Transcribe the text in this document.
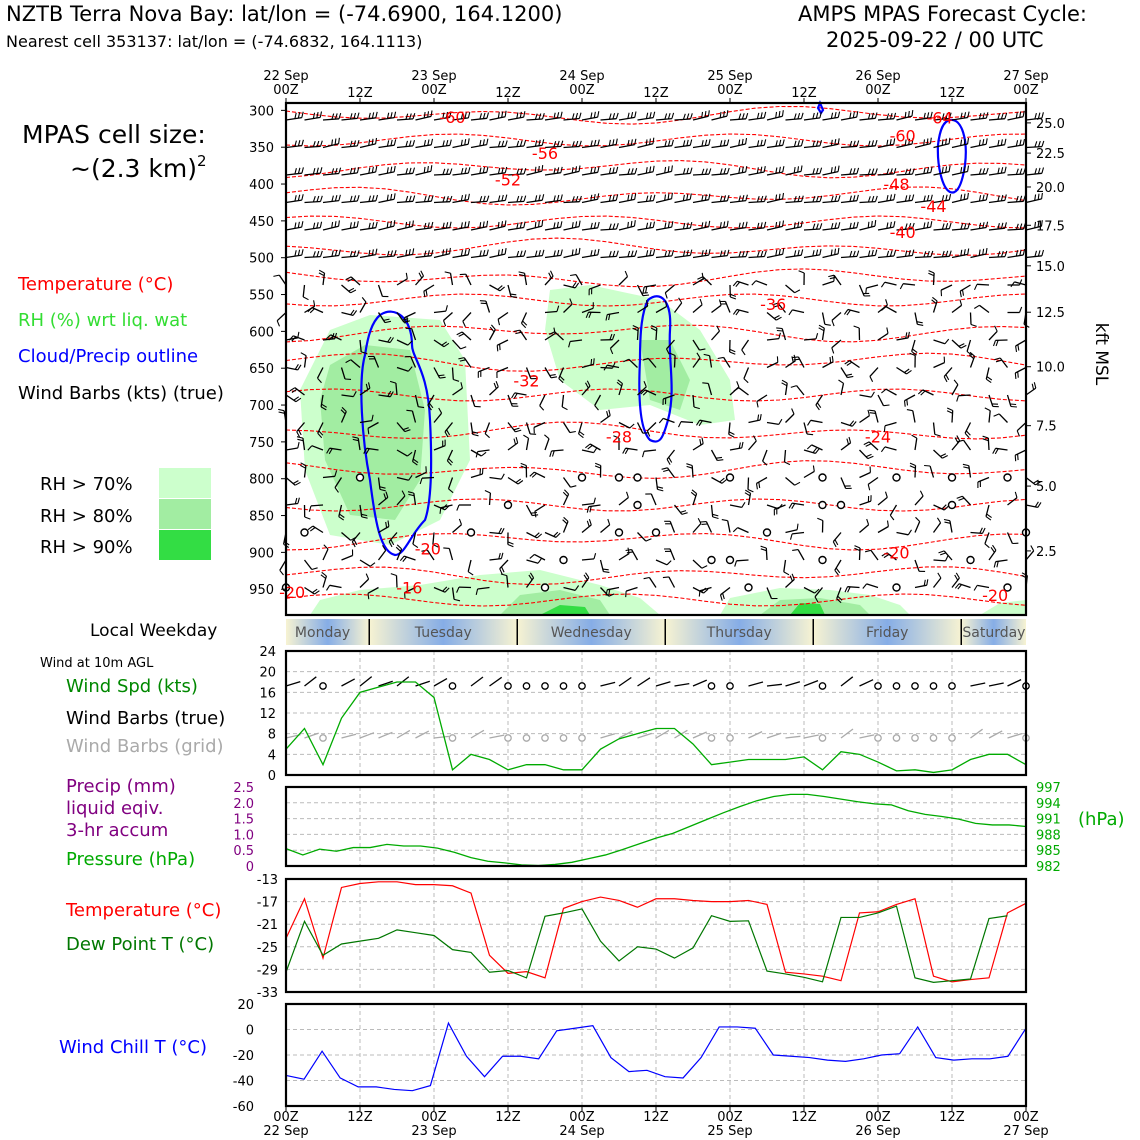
NZTB Terra Nova Bay: lat/lon = (-74.6900, 164.1200)
Nearest cell 353137: lat/lon = (-74.6832, 164.1113)
AMPS MPAS Forecast Cycle:
2025-09-22 / 00 UTC
MPAS cell size:
~(2.3 km)$^2$
Temperature (°C)
RH (%) wrt liq. wat
Cloud/Precip outline
Wind Barbs (kts) (true)
RH > 70%
RH > 80%
RH > 90%
Local Weekday
Wind at 10m AGL
Wind Spd (kts)
Wind Barbs (true)
Wind Barbs (grid)
Precip (mm)
liquid eqiv.
3-hr accum
Pressure (hPa)
(hPa)
Temperature (°C)
Dew Point T (°C)
Wind Chill T (°C)
22 Sep 00Z	12Z
23 Sep 00Z	12Z
24 Sep 00Z	12Z
25 Sep 00Z	12Z
26 Sep 00Z	12Z
27 Sep 00Z
-60
-56
-52
-64
-60
-48
-44
-40
-36
-32
-28	-24
-20	-20
-16
-20	-20
300
350
400
450
500
550
600
650
700
750
800
850
900
950
25.0
22.5
20.0
17.5
15.0
12.5
10.0
7.5
5.0
2.5
kft MSL
Monday	Tuesday	Wednesday	Thursday	Friday	Saturday
0
4
8
12
16
20
24
0
0.5
1.0
1.5
2.0
2.5
982
985
988
991
994
997
-33
-29
-25
-21
-17
-13
-60
-40
-20
0
20
00Z 22 Sep
12Z	00Z 23 Sep
12Z	00Z 24 Sep
12Z	00Z 25 Sep
12Z	00Z 26 Sep
12Z	00Z 27 Sep
